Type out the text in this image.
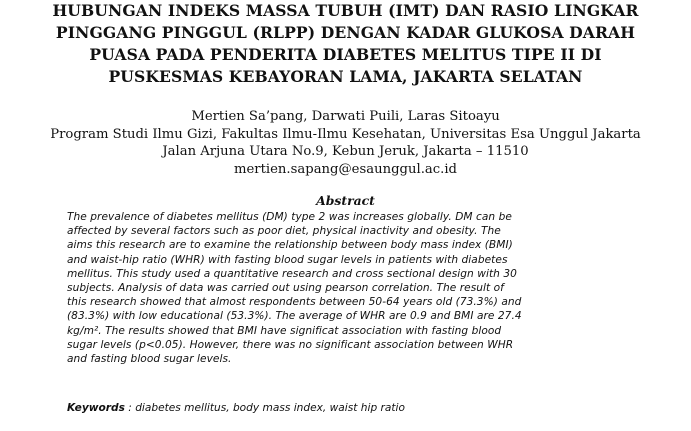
HUBUNGAN INDEKS MASSA TUBUH (IMT) DAN RASIO LINGKAR
PINGGANG PINGGUL (RLPP) DENGAN KADAR GLUKOSA DARAH
PUASA PADA PENDERITA DIABETES MELITUS TIPE II DI
PUSKESMAS KEBAYORAN LAMA, JAKARTA SELATAN
Mertien Sa’pang, Darwati Puili, Laras Sitoayu
Program Studi Ilmu Gizi, Fakultas Ilmu-Ilmu Kesehatan, Universitas Esa Unggul Jakarta
Jalan Arjuna Utara No.9, Kebun Jeruk, Jakarta – 11510
mertien.sapang@esaunggul.ac.id
Abstract
The prevalence of diabetes mellitus (DM) type 2 was increases globally. DM can be
affected by several factors such as poor diet, physical inactivity and obesity. The
aims this research are to examine the relationship between body mass index (BMI)
and waist-hip ratio (WHR) with fasting blood sugar levels in patients with diabetes
mellitus. This study used a quantitative research and cross sectional design with 30
subjects. Analysis of data was carried out using pearson correlation. The result of
this research showed that almost respondents between 50-64 years old (73.3%) and
(83.3%) with low educational (53.3%). The average of WHR are 0.9 and BMI are 27.4
kg/m². The results showed that BMI have significat association with fasting blood
sugar levels (p<0.05). However, there was no significant association between WHR
and fasting blood sugar levels.
Keywords : diabetes mellitus, body mass index, waist hip ratio
